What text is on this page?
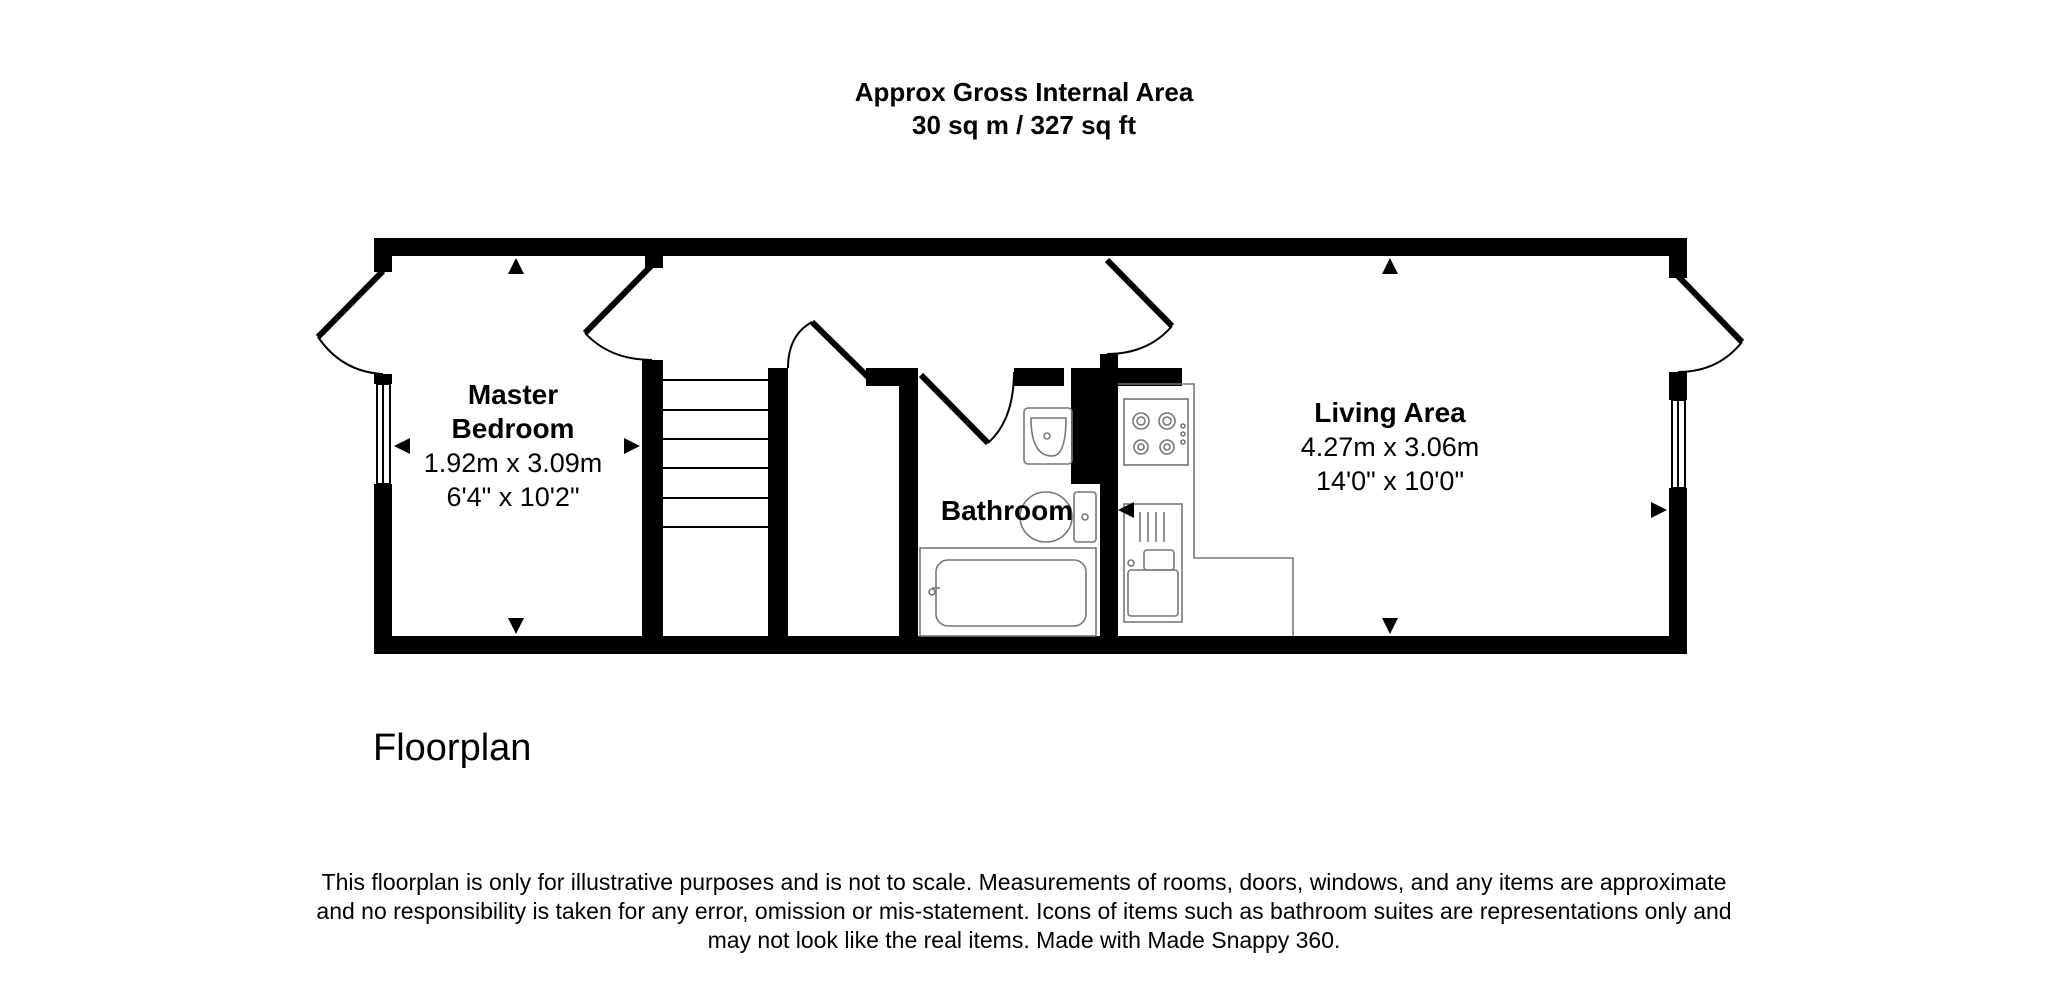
Approx Gross Internal Area
30 sq m / 327 sq ft
Master
Bedroom
1.92m x 3.09m
6'4" x 10'2"	Bathroom
Living Area
4.27m x 3.06m
14'0" x 10'0"
Floorplan
This floorplan is only for illustrative purposes and is not to scale. Measurements of rooms, doors, windows, and any items are approximate
and no responsibility is taken for any error, omission or mis-statement. Icons of items such as bathroom suites are representations only and
may not look like the real items. Made with Made Snappy 360.
